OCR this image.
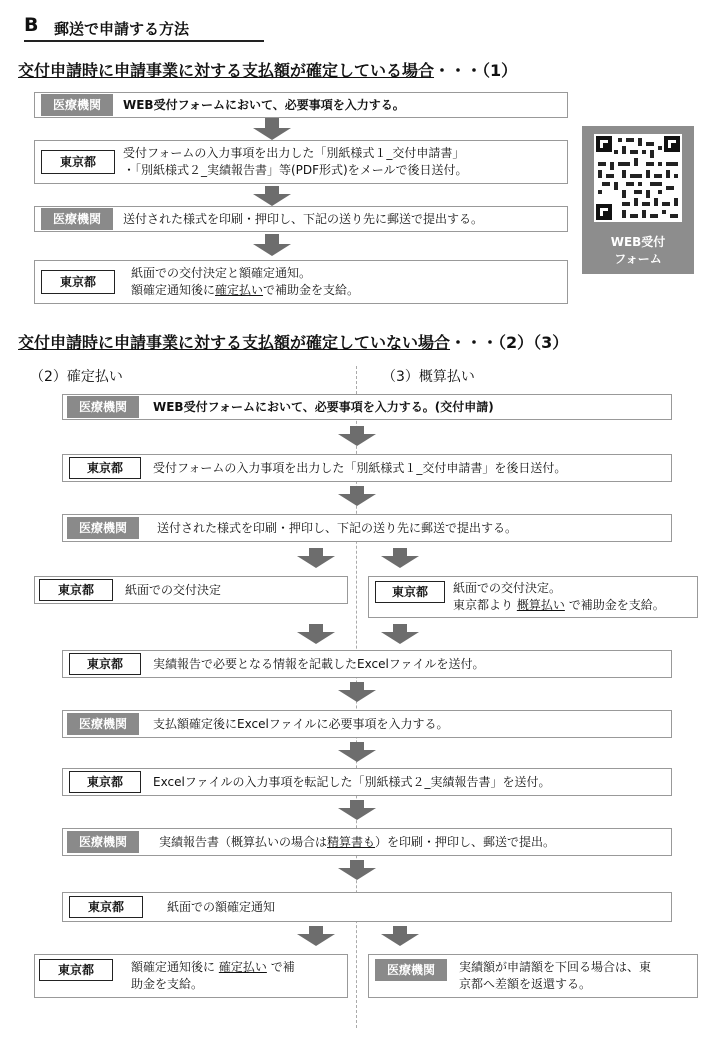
B 郵送で申請する方法
交付申請時に申請事業に対する支払額が確定している場合・・・（1）
医療機関	WEB受付フォームにおいて、必要事項を入力する。
東京都
受付フォームの入力事項を出力した「別紙様式１_交付申請書」
・「別紙様式２_実績報告書」等(PDF形式)をメールで後日送付。
医療機関	送付された様式を印刷・押印し、下記の送り先に郵送で提出する。
東京都
紙面での交付決定と額確定通知。
額確定通知後に確定払いで補助金を支給。
WEB受付
フォーム
交付申請時に申請事業に対する支払額が確定していない場合・・・（2）（3）
（2）確定払い	（3）概算払い
医療機関	WEB受付フォームにおいて、必要事項を入力する。(交付申請)
東京都	受付フォームの入力事項を出力した「別紙様式１_交付申請書」を後日送付。
医療機関	送付された様式を印刷・押印し、下記の送り先に郵送で提出する。
東京都	紙面での交付決定	東京都	紙面での交付決定。
東京都より 概算払い で補助金を支給。
東京都	実績報告で必要となる情報を記載したExcelファイルを送付。
医療機関	支払額確定後にExcelファイルに必要事項を入力する。
東京都	Excelファイルの入力事項を転記した「別紙様式２_実績報告書」を送付。
医療機関	実績報告書（概算払いの場合は精算書も）を印刷・押印し、郵送で提出。
東京都	紙面での額確定通知
東京都	額確定通知後に 確定払い で補
助金を支給。
医療機関	実績額が申請額を下回る場合は、東
京都へ差額を返還する。
